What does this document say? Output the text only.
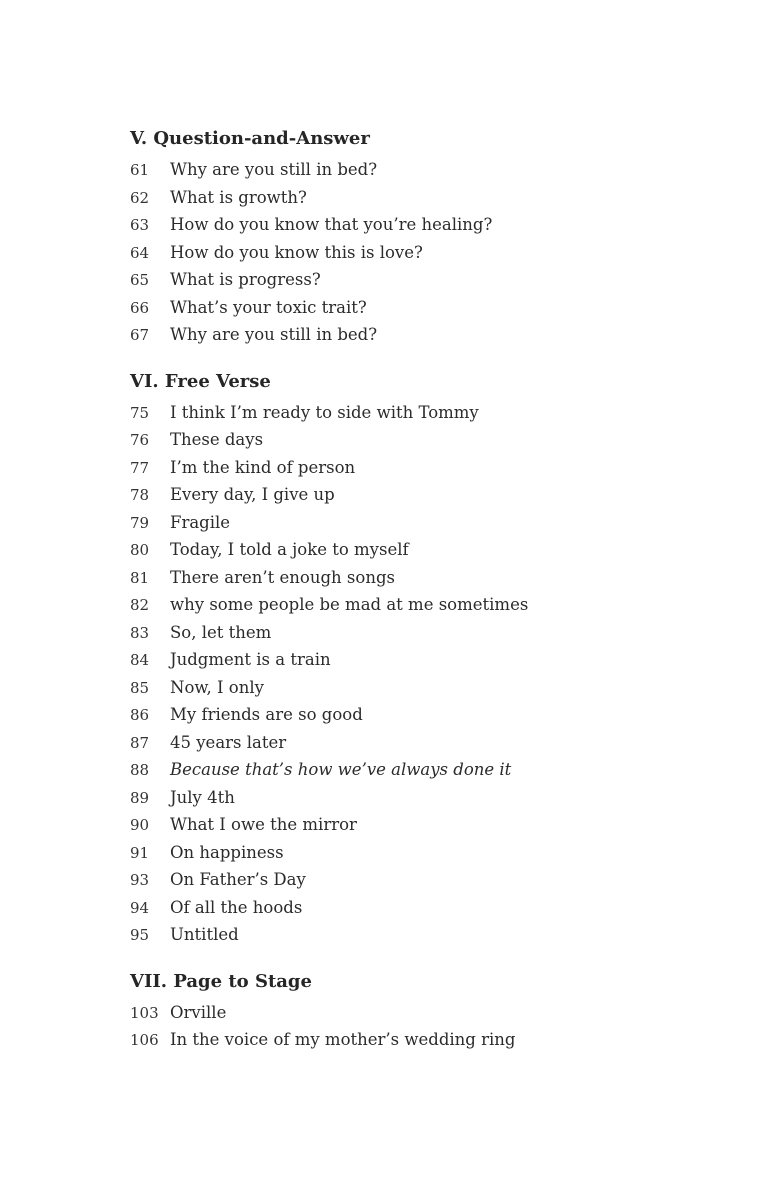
V. Question-and-Answer
61	Why are you still in bed?
62	What is growth?
63	How do you know that you’re healing?
64	How do you know this is love?
65	What is progress?
66	What’s your toxic trait?
67	Why are you still in bed?
VI. Free Verse
75	I think I’m ready to side with Tommy
76	These days
77	I’m the kind of person
78	Every day, I give up
79	Fragile
80	Today, I told a joke to myself
81	There aren’t enough songs
82	why some people be mad at me sometimes
83	So, let them
84	Judgment is a train
85	Now, I only
86	My friends are so good
87	45 years later
88	Because that’s how we’ve always done it
89	July 4th
90	What I owe the mirror
91	On happiness
93	On Father’s Day
94	Of all the hoods
95	Untitled
VII. Page to Stage
103 Orville
106 In the voice of my mother’s wedding ring
